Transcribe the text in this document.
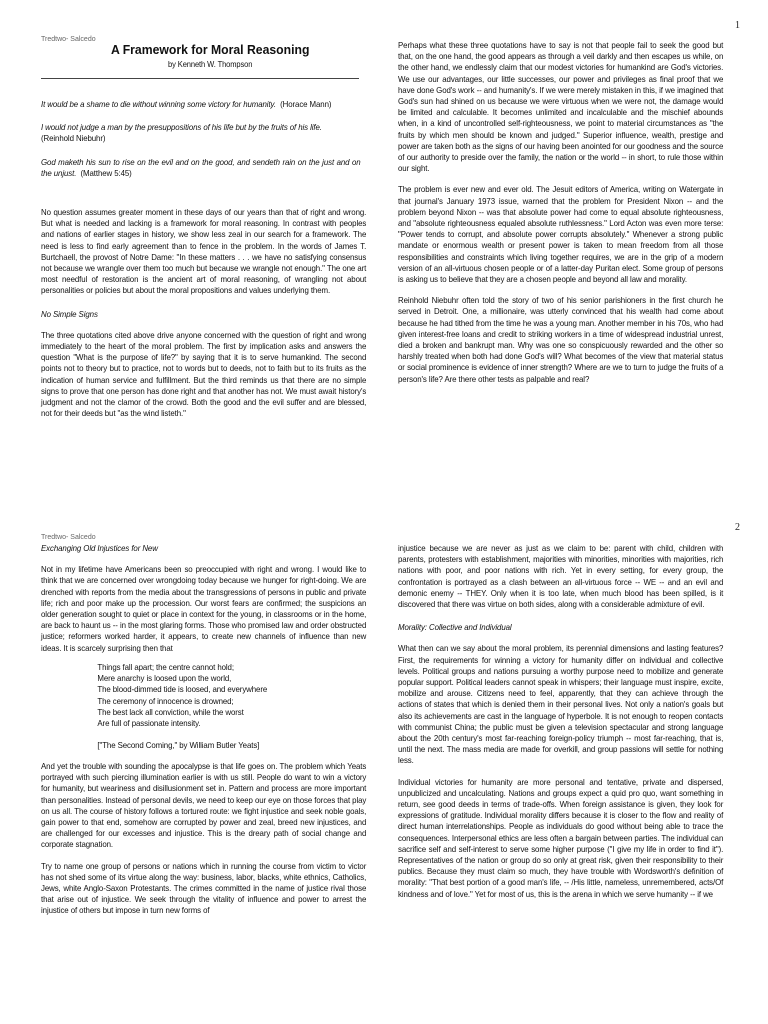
1
Tredtwo- Salcedo
A Framework for Moral Reasoning
by Kenneth W. Thompson

It would be a shame to die without winning some victory for humanity. (Horace Mann)

I would not judge a man by the presuppositions of his life but by the fruits of his life.
(Reinhold Niebuhr)

God maketh his sun to rise on the evil and on the good, and sendeth rain on the just and on the unjust. (Matthew 5:45)

No question assumes greater moment in these days of our years than that of right and wrong. But what is needed and lacking is a framework for moral reasoning. In contrast with peoples and nations of earlier stages in history, we show less zeal in our search for a framework. The need is less to find early agreement than to fence in the problem. In the words of James T. Burtchaell, the provost of Notre Dame: "In these matters . . . we have no satisfying consensus not because we wrangle over them too much but because we wrangle not enough." The one art most needful of restoration is the ancient art of moral reasoning, of wrangling not about personalities or policies but about the moral propositions and values underlying them.

No Simple Signs

The three quotations cited above drive anyone concerned with the question of right and wrong immediately to the heart of the moral problem. The first by implication asks and answers the question "What is the purpose of life?" by saying that it is to serve humankind. The second points not to theory but to practice, not to words but to deeds, not to faith but to its fruits as the indication of human service and fulfillment. But the third reminds us that there are no simple signs to prove that one person has done right and that another has not. We must await history's judgment and not the clamor of the crowd. Both the good and the evil suffer and are blessed, not for their deeds but "as the wind listeth."

Perhaps what these three quotations have to say is not that people fail to seek the good but that, on the one hand, the good appears as through a veil darkly and then escapes us while, on the other hand, we endlessly claim that our modest victories for humankind are God's victories. We use our advantages, our little successes, our power and privileges as final proof that we have done God's work -- and humanity's. If we were merely mistaken in this, if we imagined that God's sun had shined on us because we were virtuous when we were not, the damage would be limited and calculable. It becomes unlimited and incalculable and the mischief abounds when, in a kind of uncontrolled self-righteousness, we point to material circumstances as "the fruits by which men should be known and judged." Superior influence, wealth, prestige and power are taken both as the signs of our having been anointed for our goodness and the source of our authority to preside over the family, the nation or the world -- in short, to rule those within our sight.

The problem is ever new and ever old. The Jesuit editors of America, writing on Watergate in that journal's January 1973 issue, warned that the problem for President Nixon -- and the problem beyond Nixon -- was that absolute power had come to equal absolute righteousness, and "absolute righteousness equaled absolute ruthlessness." Lord Acton was even more terse: "Power tends to corrupt, and absolute power corrupts absolutely." Whenever a strong public mandate or enormous wealth or present power is taken to mean freedom from all those responsibilities and constraints which living together requires, we are in the grip of a modern version of an all-virtuous chosen people or of a latter-day Puritan elect. Some group of persons is asking us to believe that they are a chosen people and beyond all law and morality.

Reinhold Niebuhr often told the story of two of his senior parishioners in the first church he served in Detroit. One, a millionaire, was utterly convinced that his wealth had come about because he had tithed from the time he was a young man. Another member in his 70s, who had given interest-free loans and credit to striking workers in a time of widespread industrial unrest, died a broken and bankrupt man. Why was one so conspicuously rewarded and the other so harshly treated when both had done God's will? What becomes of the view that material status or social prominence is evidence of inner strength? Where are we to turn to judge the fruits of a person's life? Are there other tests as palpable and real?

2
Tredtwo- Salcedo

Exchanging Old Injustices for New

Not in my lifetime have Americans been so preoccupied with right and wrong. I would like to think that we are concerned over wrongdoing today because we hunger for right-doing. We are drenched with reports from the media about the transgressions of persons in public and private life; rich and poor make up the procession. Our worst fears are confirmed; the suspicions an older generation sought to quiet or place in context for the young, in classrooms or in the home, are back to haunt us -- in the most glaring forms. Those who promised law and order obstructed justice; reformers worked harder, it appears, to create new channels of influence than new ideas. It is scarcely surprising then that

Things fall apart; the centre cannot hold;
Mere anarchy is loosed upon the world,
The blood-dimmed tide is loosed, and everywhere
The ceremony of innocence is drowned;
The best lack all conviction, while the worst
Are full of passionate intensity.
["The Second Coming," by William Butler Yeats]

And yet the trouble with sounding the apocalypse is that life goes on. The problem which Yeats portrayed with such piercing illumination earlier is with us still. People do want to win a victory for humanity, but weariness and disillusionment set in. Pattern and process are more important than personalities. Instead of personal devils, we need to keep our eye on those forces that play on us all. The course of history follows a tortured route: we fight injustice and seek noble goals, gain power to that end, somehow are corrupted by power and zeal, breed new injustices, and are challenged for our excesses and injustice. This is the dreary path of social change and corporate stagnation.

Try to name one group of persons or nations which in running the course from victim to victor has not shed some of its virtue along the way: business, labor, blacks, white ethnics, Catholics, Jews, white Anglo-Saxon Protestants. The crimes committed in the name of justice rival those that arise out of injustice. We seek through the vitality of influence and power to arrest the injustice of others but impose in turn new forms of

injustice because we are never as just as we claim to be: parent with child, children with parents, protesters with establishment, majorities with minorities, minorities with majorities, rich nations with poor, and poor nations with rich. Yet in every setting, for every group, the confrontation is portrayed as a clash between an all-virtuous force -- WE -- and an evil and demonic enemy -- THEY. Only when it is too late, when much blood has been spilled, is it discovered that there was virtue on both sides, along with a considerable admixture of evil.

Morality: Collective and Individual

What then can we say about the moral problem, its perennial dimensions and lasting features? First, the requirements for winning a victory for humanity differ on individual and collective levels. Political groups and nations pursuing a worthy purpose need to mobilize and generate popular support. Political leaders cannot speak in whispers; their language must inspire, excite, mobilize and arouse. Citizens need to feel, apparently, that they can achieve through the actions of states that which is denied them in their personal lives. Not only a nation's goals but also its achievements are cast in the language of hyperbole. It is not enough to reopen contacts with communist China; the public must be given a television spectacular and strong language about the 20th century's most far-reaching foreign-policy triumph -- most far-reaching, that is, until the next. The mass media are made for overkill, and group passions will settle for nothing less.

Individual victories for humanity are more personal and tentative, private and dispersed, unpublicized and uncalculating. Nations and groups expect a quid pro quo, want something in return, see good deeds in terms of trade-offs. When foreign assistance is given, they look for expressions of gratitude. Individual morality differs because it is closer to the flow and reality of direct human interrelationships. People as individuals do good without being able to trace the consequences. Interpersonal ethics are less often a bargain between parties. The individual can sacrifice self and self-interest to serve some higher purpose ("I give my life in order to find it"). Representatives of the nation or group do so only at great risk, given their responsibility to their publics. Because they must claim so much, they have trouble with Wordsworth's definition of morality: "That best portion of a good man's life, -- /His little, nameless, unremembered, acts/Of kindness and of love." Yet for most of us, this is the arena in which we serve humanity -- if we
